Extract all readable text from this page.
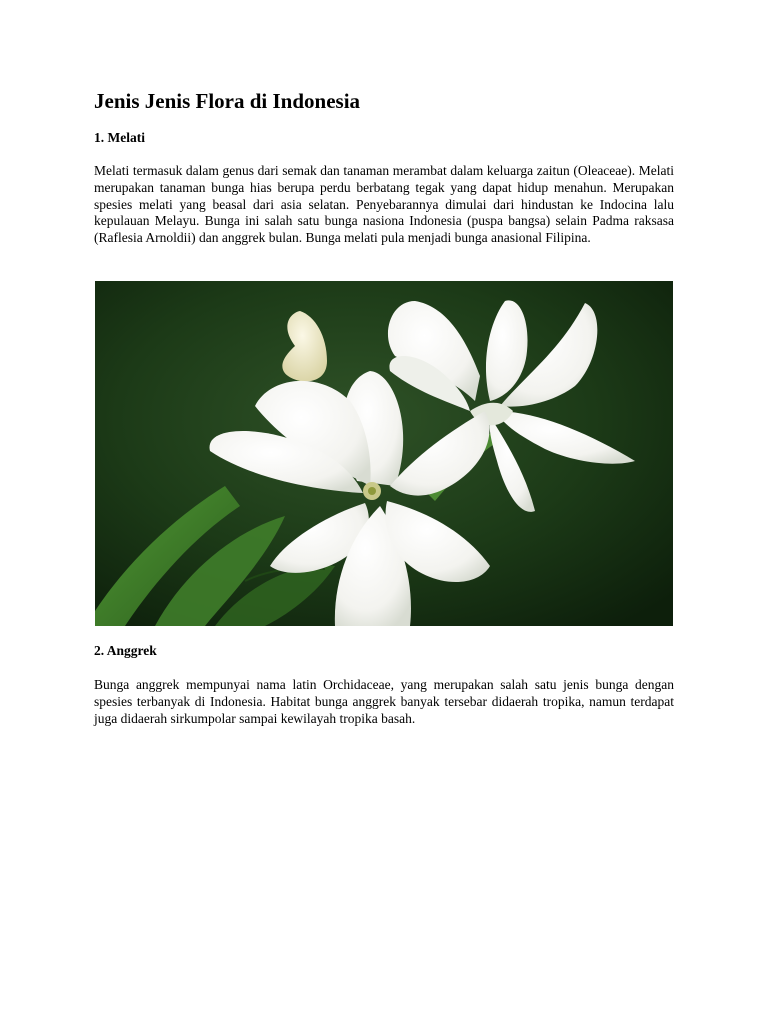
Jenis Jenis Flora di Indonesia
1. Melati

Melati termasuk dalam genus dari semak dan tanaman merambat dalam keluarga zaitun (Oleaceae). Melati merupakan tanaman bunga hias berupa perdu berbatang tegak yang dapat hidup menahun. Merupakan spesies melati yang beasal dari asia selatan. Penyebarannya dimulai dari hindustan ke Indocina lalu kepulauan Melayu. Bunga ini salah satu bunga nasiona Indonesia (puspa bangsa) selain Padma raksasa (Raflesia Arnoldii) dan anggrek bulan. Bunga melati pula menjadi bunga anasional Filipina.

2. Anggrek

Bunga anggrek mempunyai nama latin Orchidaceae, yang merupakan salah satu jenis bunga dengan spesies terbanyak di Indonesia. Habitat bunga anggrek banyak tersebar didaerah tropika, namun terdapat juga didaerah sirkumpolar sampai kewilayah tropika basah.
